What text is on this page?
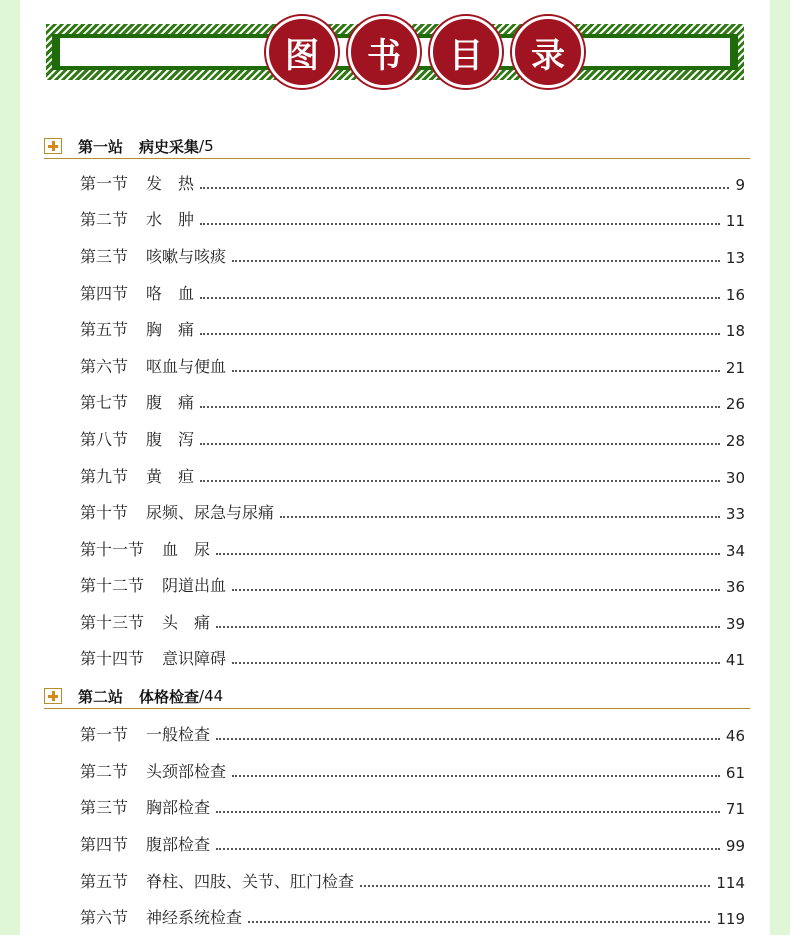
图	书	目	录
第一站 病史采集 /5
第一节 发　热	9
第二节 水　肿	11
第三节 咳嗽与咳痰	13
第四节 咯　血	16
第五节 胸　痛	18
第六节 呕血与便血	21
第七节 腹　痛	26
第八节 腹　泻	28
第九节 黄　疸	30
第十节 尿频、尿急与尿痛	33
第十一节 血　尿	34
第十二节 阴道出血	36
第十三节 头　痛	39
第十四节 意识障碍	41
第二站 体格检查 /44
第一节 一般检查	46
第二节 头颈部检查	61
第三节 胸部检查	71
第四节 腹部检查	99
第五节 脊柱、四肢、关节、肛门检查	114
第六节 神经系统检查	119
